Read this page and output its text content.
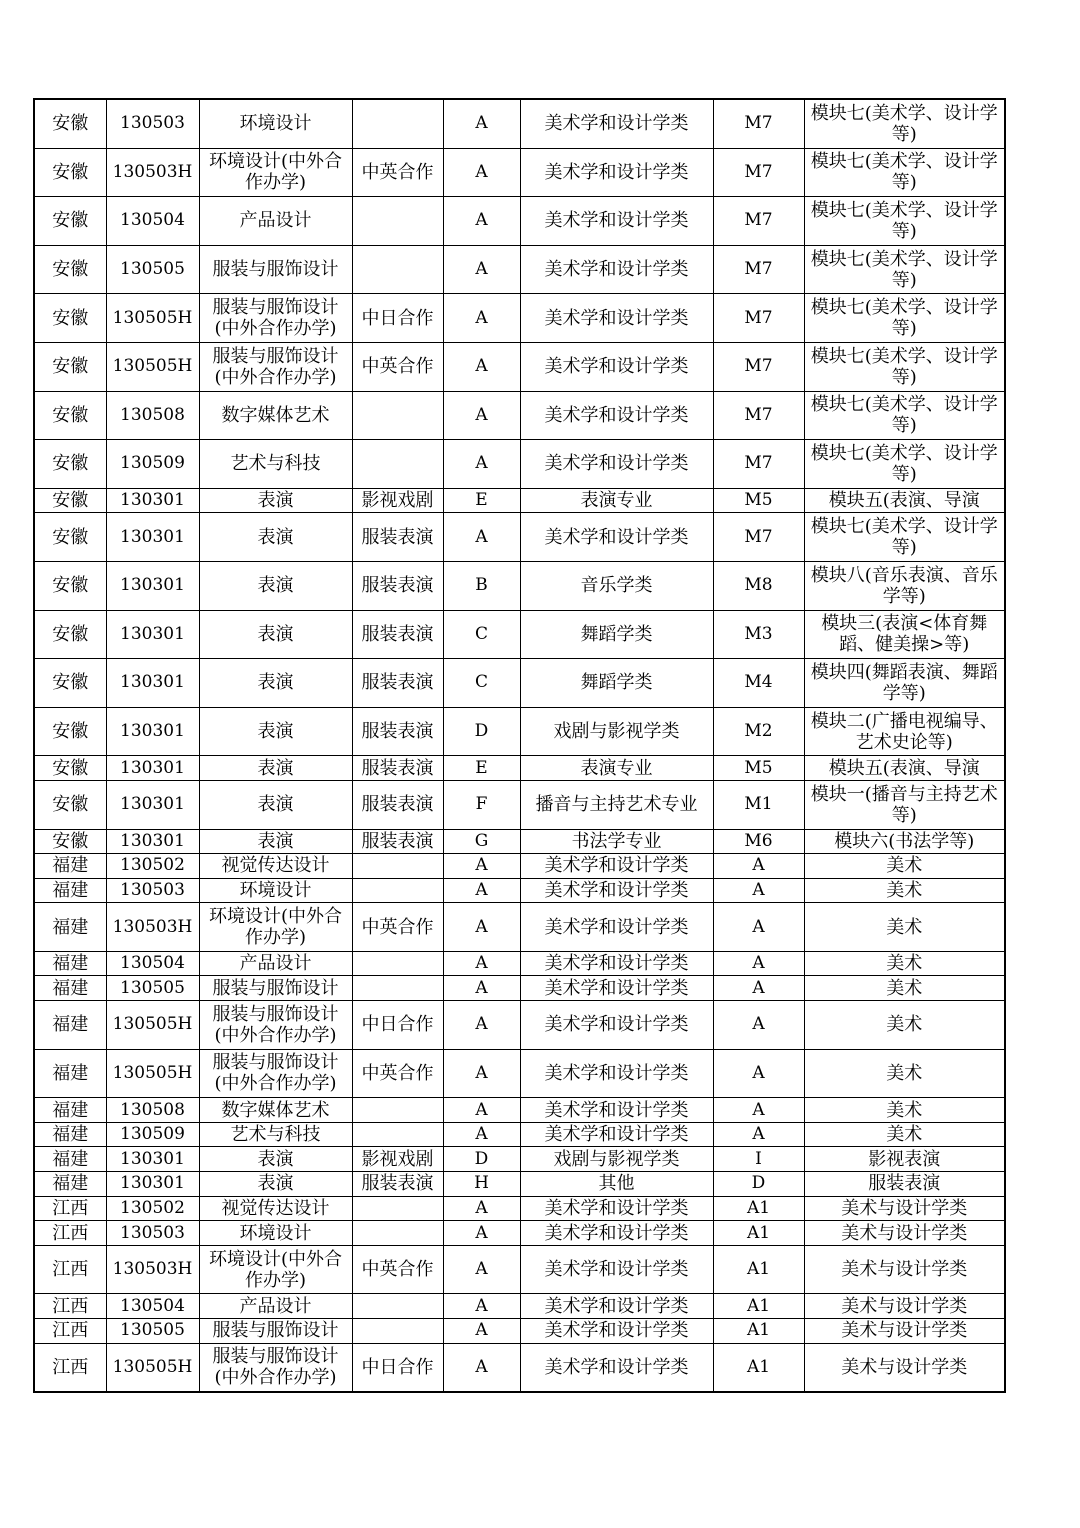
安徽	130503	环境设计		A	美术学和设计学类	M7	模块七(美术学、设计学等)
安徽	130503H	环境设计(中外合作办学)	中英合作	A	美术学和设计学类	M7	模块七(美术学、设计学等)
安徽	130504	产品设计		A	美术学和设计学类	M7	模块七(美术学、设计学等)
安徽	130505	服装与服饰设计		A	美术学和设计学类	M7	模块七(美术学、设计学等)
安徽	130505H	服装与服饰设计(中外合作办学)	中日合作	A	美术学和设计学类	M7	模块七(美术学、设计学等)
安徽	130505H	服装与服饰设计(中外合作办学)	中英合作	A	美术学和设计学类	M7	模块七(美术学、设计学等)
安徽	130508	数字媒体艺术		A	美术学和设计学类	M7	模块七(美术学、设计学等)
安徽	130509	艺术与科技		A	美术学和设计学类	M7	模块七(美术学、设计学等)
安徽	130301	表演	影视戏剧	E	表演专业	M5	模块五(表演、导演
安徽	130301	表演	服装表演	A	美术学和设计学类	M7	模块七(美术学、设计学等)
安徽	130301	表演	服装表演	B	音乐学类	M8	模块八(音乐表演、音乐学等)
安徽	130301	表演	服装表演	C	舞蹈学类	M3	模块三(表演<体育舞蹈、健美操>等)
安徽	130301	表演	服装表演	C	舞蹈学类	M4	模块四(舞蹈表演、舞蹈学等)
安徽	130301	表演	服装表演	D	戏剧与影视学类	M2	模块二(广播电视编导、艺术史论等)
安徽	130301	表演	服装表演	E	表演专业	M5	模块五(表演、导演
安徽	130301	表演	服装表演	F	播音与主持艺术专业	M1	模块一(播音与主持艺术等)
安徽	130301	表演	服装表演	G	书法学专业	M6	模块六(书法学等)
福建	130502	视觉传达设计		A	美术学和设计学类	A	美术
福建	130503	环境设计		A	美术学和设计学类	A	美术
福建	130503H	环境设计(中外合作办学)	中英合作	A	美术学和设计学类	A	美术
福建	130504	产品设计		A	美术学和设计学类	A	美术
福建	130505	服装与服饰设计		A	美术学和设计学类	A	美术
福建	130505H	服装与服饰设计(中外合作办学)	中日合作	A	美术学和设计学类	A	美术
福建	130505H	服装与服饰设计(中外合作办学)	中英合作	A	美术学和设计学类	A	美术
福建	130508	数字媒体艺术		A	美术学和设计学类	A	美术
福建	130509	艺术与科技		A	美术学和设计学类	A	美术
福建	130301	表演	影视戏剧	D	戏剧与影视学类	I	影视表演
福建	130301	表演	服装表演	H	其他	D	服装表演
江西	130502	视觉传达设计		A	美术学和设计学类	A1	美术与设计学类
江西	130503	环境设计		A	美术学和设计学类	A1	美术与设计学类
江西	130503H	环境设计(中外合作办学)	中英合作	A	美术学和设计学类	A1	美术与设计学类
江西	130504	产品设计		A	美术学和设计学类	A1	美术与设计学类
江西	130505	服装与服饰设计		A	美术学和设计学类	A1	美术与设计学类
江西	130505H	服装与服饰设计(中外合作办学)	中日合作	A	美术学和设计学类	A1	美术与设计学类
